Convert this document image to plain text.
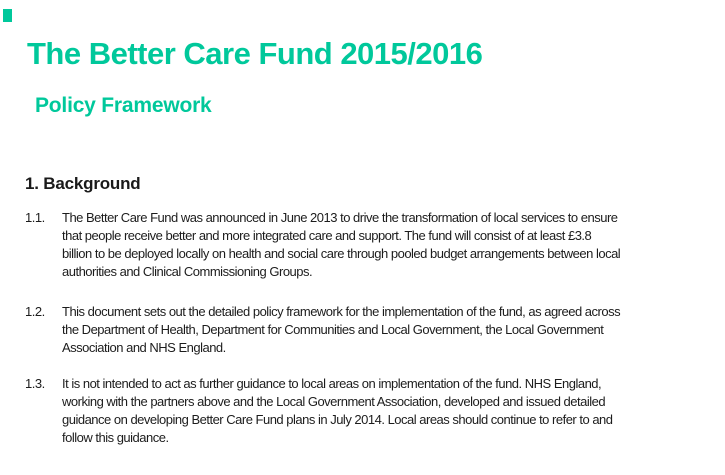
The Better Care Fund 2015/2016
Policy Framework
1. Background
1.1.	The Better Care Fund was announced in June 2013 to drive the transformation of local services to ensure
that people receive better and more integrated care and support. The fund will consist of at least £3.8
billion to be deployed locally on health and social care through pooled budget arrangements between local
authorities and Clinical Commissioning Groups.
1.2.	This document sets out the detailed policy framework for the implementation of the fund, as agreed across
the Department of Health, Department for Communities and Local Government, the Local Government
Association and NHS England.
1.3.	It is not intended to act as further guidance to local areas on implementation of the fund. NHS England,
working with the partners above and the Local Government Association, developed and issued detailed
guidance on developing Better Care Fund plans in July 2014. Local areas should continue to refer to and
follow this guidance.
